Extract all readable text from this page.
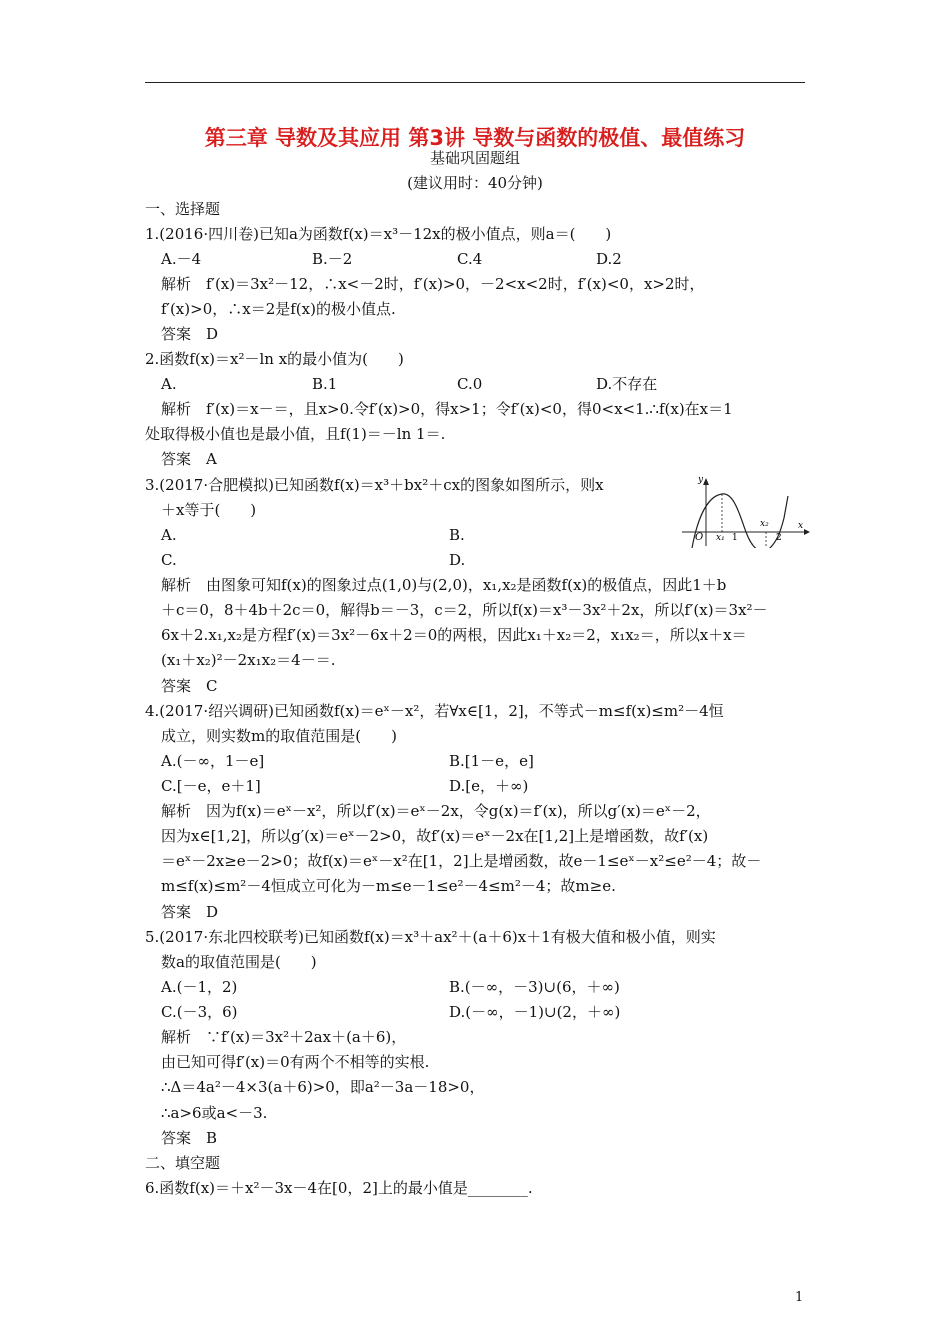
第三章 导数及其应用 第3讲 导数与函数的极值、最值练习
基础巩固题组
(建议用时：40分钟)
一、选择题
1.(2016·四川卷)已知a为函数f(x)＝x³－12x的极小值点，则a＝(　　)
A.－4	B.－2	C.4	D.2
解析　f′(x)＝3x²－12，∴x<－2时，f′(x)>0，－2<x<2时，f′(x)<0，x>2时，
f′(x)>0，∴x＝2是f(x)的极小值点.
答案　D
2.函数f(x)＝x²－ln x的最小值为(　　)
A.	B.1	C.0	D.不存在
解析　f′(x)＝x－＝，且x>0.令f′(x)>0，得x>1；令f′(x)<0，得0<x<1.∴f(x)在x＝1
处取得极小值也是最小值，且f(1)＝－ln 1＝.
答案　A
3.(2017·合肥模拟)已知函数f(x)＝x³＋bx²＋cx的图象如图所示，则x
＋x等于(　　)
A.	B.
C.	D.
解析　由图象可知f(x)的图象过点(1,0)与(2,0)，x₁,x₂是函数f(x)的极值点，因此1＋b
＋c＝0，8＋4b＋2c＝0，解得b＝－3，c＝2，所以f(x)＝x³－3x²＋2x，所以f′(x)＝3x²－
6x＋2.x₁,x₂是方程f′(x)＝3x²－6x＋2＝0的两根，因此x₁＋x₂＝2，x₁x₂＝，所以x＋x＝
(x₁＋x₂)²－2x₁x₂＝4－＝.
答案　C
4.(2017·绍兴调研)已知函数f(x)＝eˣ－x²，若∀x∈[1，2]，不等式－m≤f(x)≤m²－4恒
成立，则实数m的取值范围是(　　)
A.(－∞，1－e]	B.[1－e，e]
C.[－e，e＋1]	D.[e，＋∞)
解析　因为f(x)＝eˣ－x²，所以f′(x)＝eˣ－2x，令g(x)＝f′(x)，所以g′(x)＝eˣ－2，
因为x∈[1,2]，所以g′(x)＝eˣ－2>0，故f′(x)＝eˣ－2x在[1,2]上是增函数，故f′(x)
＝eˣ－2x≥e－2>0；故f(x)＝eˣ－x²在[1，2]上是增函数，故e－1≤eˣ－x²≤e²－4；故－
m≤f(x)≤m²－4恒成立可化为－m≤e－1≤e²－4≤m²－4；故m≥e.
答案　D
5.(2017·东北四校联考)已知函数f(x)＝x³＋ax²＋(a＋6)x＋1有极大值和极小值，则实
数a的取值范围是(　　)
A.(－1，2)	B.(－∞，－3)∪(6，＋∞)
C.(－3，6)	D.(－∞，－1)∪(2，＋∞)
解析　∵f′(x)＝3x²＋2ax＋(a＋6)，
由已知可得f′(x)＝0有两个不相等的实根.
∴Δ＝4a²－4×3(a＋6)>0，即a²－3a－18>0，
∴a>6或a<－3.
答案　B
二、填空题
6.函数f(x)＝＋x²－3x－4在[0，2]上的最小值是________.
y
x
O x₁ 1
x₂
2
1
